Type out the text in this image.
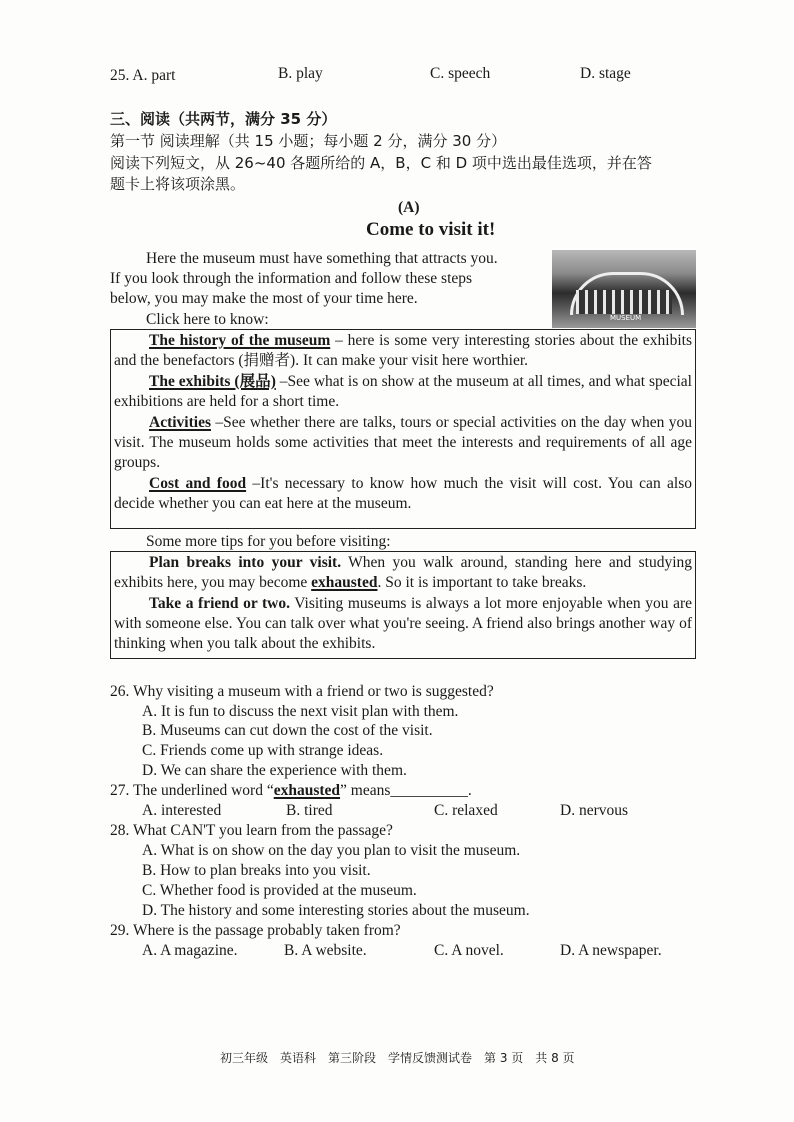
25. A. part	B. play	C. speech	D. stage
三、阅读（共两节，满分 35 分）
第一节 阅读理解（共 15 小题；每小题 2 分，满分 30 分）
阅读下列短文，从 26~40 各题所给的 A，B，C 和 D 项中选出最佳选项，并在答
题卡上将该项涂黑。
(A)
Come to visit it!
Here the museum must have something that attracts you.
If you look through the information and follow these steps
below, you may make the most of your time here.
Click here to know:	MUSEUM

The history of the museum – here is some very interesting stories about the exhibits and the benefactors (捐赠者). It can make your visit here worthier.

The exhibits (展品) –See what is on show at the museum at all times, and what special exhibitions are held for a short time.

Activities –See whether there are talks, tours or special activities on the day when you visit. The museum holds some activities that meet the interests and requirements of all age groups.

Cost and food –It's necessary to know how much the visit will cost. You can also decide whether you can eat here at the museum.

Some more tips for you before visiting:

Plan breaks into your visit. When you walk around, standing here and studying exhibits here, you may become exhausted. So it is important to take breaks.

Take a friend or two. Visiting museums is always a lot more enjoyable when you are with someone else. You can talk over what you're seeing. A friend also brings another way of thinking when you talk about the exhibits.

26. Why visiting a museum with a friend or two is suggested?
A. It is fun to discuss the next visit plan with them.
B. Museums can cut down the cost of the visit.
C. Friends come up with strange ideas.
D. We can share the experience with them.
27. The underlined word “exhausted” means__________.
A. interested	B. tired	C. relaxed	D. nervous
28. What CAN'T you learn from the passage?
A. What is on show on the day you plan to visit the museum.
B. How to plan breaks into you visit.
C. Whether food is provided at the museum.
D. The history and some interesting stories about the museum.
29. Where is the passage probably taken from?
A. A magazine.	B. A website.	C. A novel.	D. A newspaper.
初三年级　英语科　第三阶段　学情反馈测试卷　第 3 页　共 8 页
